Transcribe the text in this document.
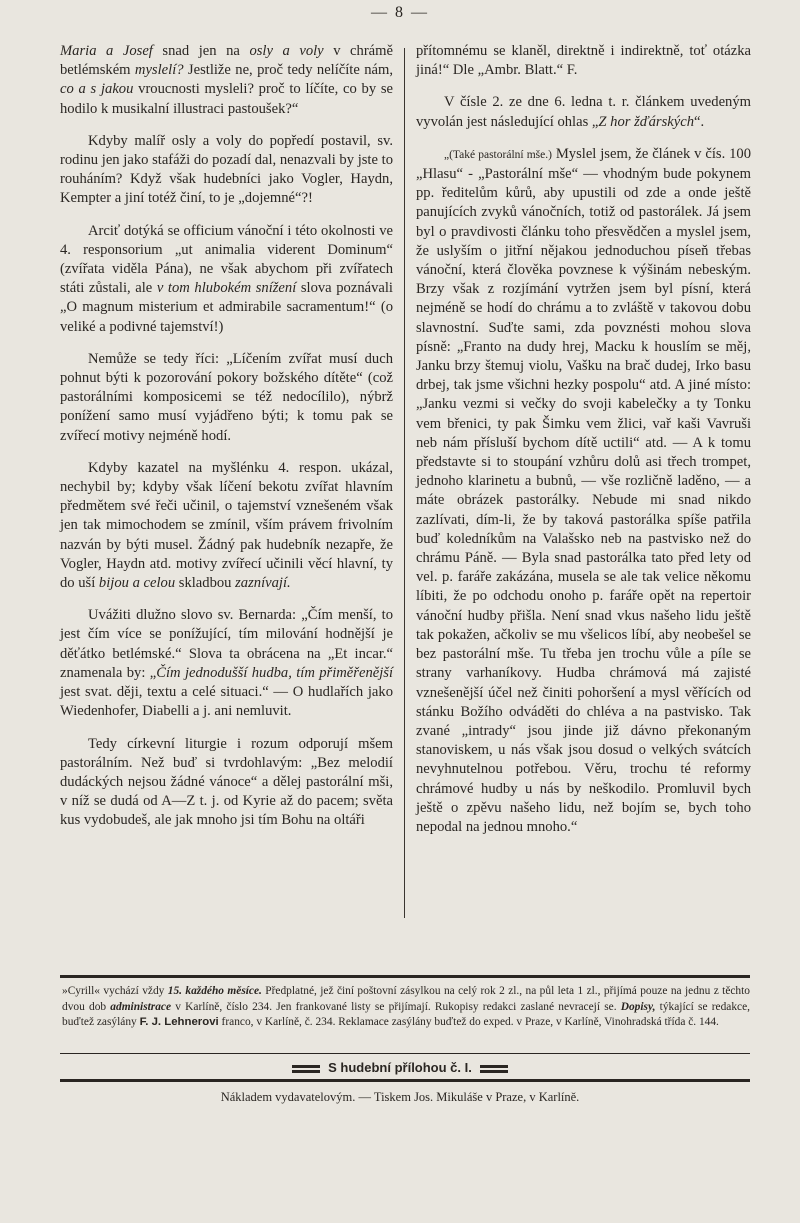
— 8 —

Maria a Josef snad jen na osly a voly v chrámě betlémském myslelí? Jestliže ne, proč tedy nelíčíte nám, co a s jakou vroucnosti mysleli? proč to líčíte, co by se hodilo k musikalní illustraci pastoušek?“

Kdyby malíř osly a voly do popředí postavil, sv. rodinu jen jako stafáži do pozadí dal, nenazvali by jste to rouháním? Když však hudebníci jako Vogler, Haydn, Kempter a jiní totéž činí, to je „dojemné“?!

Arciť dotýká se officium vánoční i této okolnosti ve 4. responsorium „ut animalia viderent Dominum“ (zvířata viděla Pána), ne však abychom při zvířatech státi zůstali, ale v tom hlubokém snížení slova poznávali „O magnum misterium et admirabile sacramentum!“ (o veliké a podivné tajemství!)

Nemůže se tedy říci: „Líčením zvířat musí duch pohnut býti k pozorování pokory božského dítěte“ (což pastorálními komposicemi se též nedocílilo), nýbrž ponížení samo musí vyjádřeno býti; k tomu pak se zvířecí motivy nejméně hodí.

Kdyby kazatel na myšlénku 4. respon. ukázal, nechybil by; kdyby však líčení bekotu zvířat hlavním předmětem své řeči učinil, o tajemství vznešeném však jen tak mimochodem se zmínil, vším právem frivolním nazván by býti musel. Žádný pak hudebník nezapře, že Vogler, Haydn atd. motivy zvířecí učinili věcí hlavní, ty do uší bijou a celou skladbou zaznívají.

Uvážiti dlužno slovo sv. Bernarda: „Čím menší, to jest čím více se ponížující, tím milování hodnější je děťátko betlémské.“ Slova ta obrácena na „Et incar.“ znamenala by: „Čím jednodušší hudba, tím přiměřenější jest svat. ději, textu a celé situaci.“ — O hudlařích jako Wiedenhofer, Diabelli a j. ani nemluvit.

Tedy církevní liturgie i rozum odporují mšem pastorálním. Než buď si tvrdohlavým: „Bez melodií dudáckých nejsou žádné vánoce“ a dělej pastorální mši, v níž se dudá od A—Z t. j. od Kyrie až do pacem; světa kus vydobudeš, ale jak mnoho jsi tím Bohu na oltáři

přítomnému se klaněl, direktně i indirektně, toť otázka jiná!“ Dle „Ambr. Blatt.“ F.

V čísle 2. ze dne 6. ledna t. r. článkem uvedeným vyvolán jest následující ohlas „Z hor žďárských“.

„(Také pastorální mše.) Myslel jsem, že článek v čís. 100 „Hlasu“ - „Pastorální mše“ — vhodným bude pokynem pp. ředitelům kůrů, aby upustili od zde a onde ještě panujících zvyků vánočních, totiž od pastorálek. Já jsem byl o pravdivosti článku toho přesvědčen a myslel jsem, že uslyším o jitřní nějakou jednoduchou píseň třebas vánoční, která člověka povznese k výšinám nebeským. Brzy však z rozjímání vytržen jsem byl písní, která nejméně se hodí do chrámu a to zvláště v takovou dobu slavnostní. Suďte sami, zda povznésti mohou slova písně: „Franto na dudy hrej, Macku k houslím se měj, Janku brzy štemuj violu, Vašku na brač dudej, Irko basu drbej, tak jsme všichni hezky pospolu“ atd. A jiné místo: „Janku vezmi si večky do svoji kabelečky a ty Tonku vem břenici, ty pak Šimku vem žlici, vař kaši Vavruši neb nám přísluší bychom dítě uctili“ atd. — A k tomu představte si to stoupání vzhůru dolů asi třech trompet, jednoho klarinetu a bubnů, — vše rozličně laděno, — a máte obrázek pastorálky. Nebude mi snad nikdo zazlívati, dím-li, že by taková pastorálka spíše patřila buď koledníkům na Valašsko neb na pastvisko než do chrámu Páně. — Byla snad pastorálka tato před lety od vel. p. faráře zakázána, musela se ale tak velice někomu líbiti, že po odchodu onoho p. faráře opět na repertoir vánoční hudby přišla. Není snad vkus našeho lidu ještě tak pokažen, ačkoliv se mu všelicos líbí, aby neobešel se bez pastorální mše. Tu třeba jen trochu vůle a píle se strany varhaníkovy. Hudba chrámová má zajisté vznešenější účel než činiti pohoršení a mysl věřících od stánku Božího odváděti do chléva a na pastvisko. Tak zvané „intrady“ jsou jinde již dávno překonaným stanoviskem, u nás však jsou dosud o velkých svátcích nevyhnutelnou potřebou. Věru, trochu té reformy chrámové hudby u nás by neškodilo. Promluvil bych ještě o zpěvu našeho lidu, než bojím se, bych toho nepodal na jednou mnoho.“

»Cyrill« vychází vždy 15. každého měsíce. Předplatné, jež činí poštovní zásylkou na celý rok 2 zl., na půl leta 1 zl., přijímá pouze na jednu z těchto dvou dob administrace v Karlíně, číslo 234. Jen frankované listy se přijímají. Rukopisy redakci zaslané nevracejí se. Dopisy, týkající se redakce, buďtež zasýlány F. J. Lehnerovi franco, v Karlíně, č. 234. Reklamace zasýlány buďtež do exped. v Praze, v Karlíně, Vinohradská třída č. 144.
S hudební přílohou č. I.
Nákladem vydavatelovým. — Tiskem Jos. Mikuláše v Praze, v Karlíně.
